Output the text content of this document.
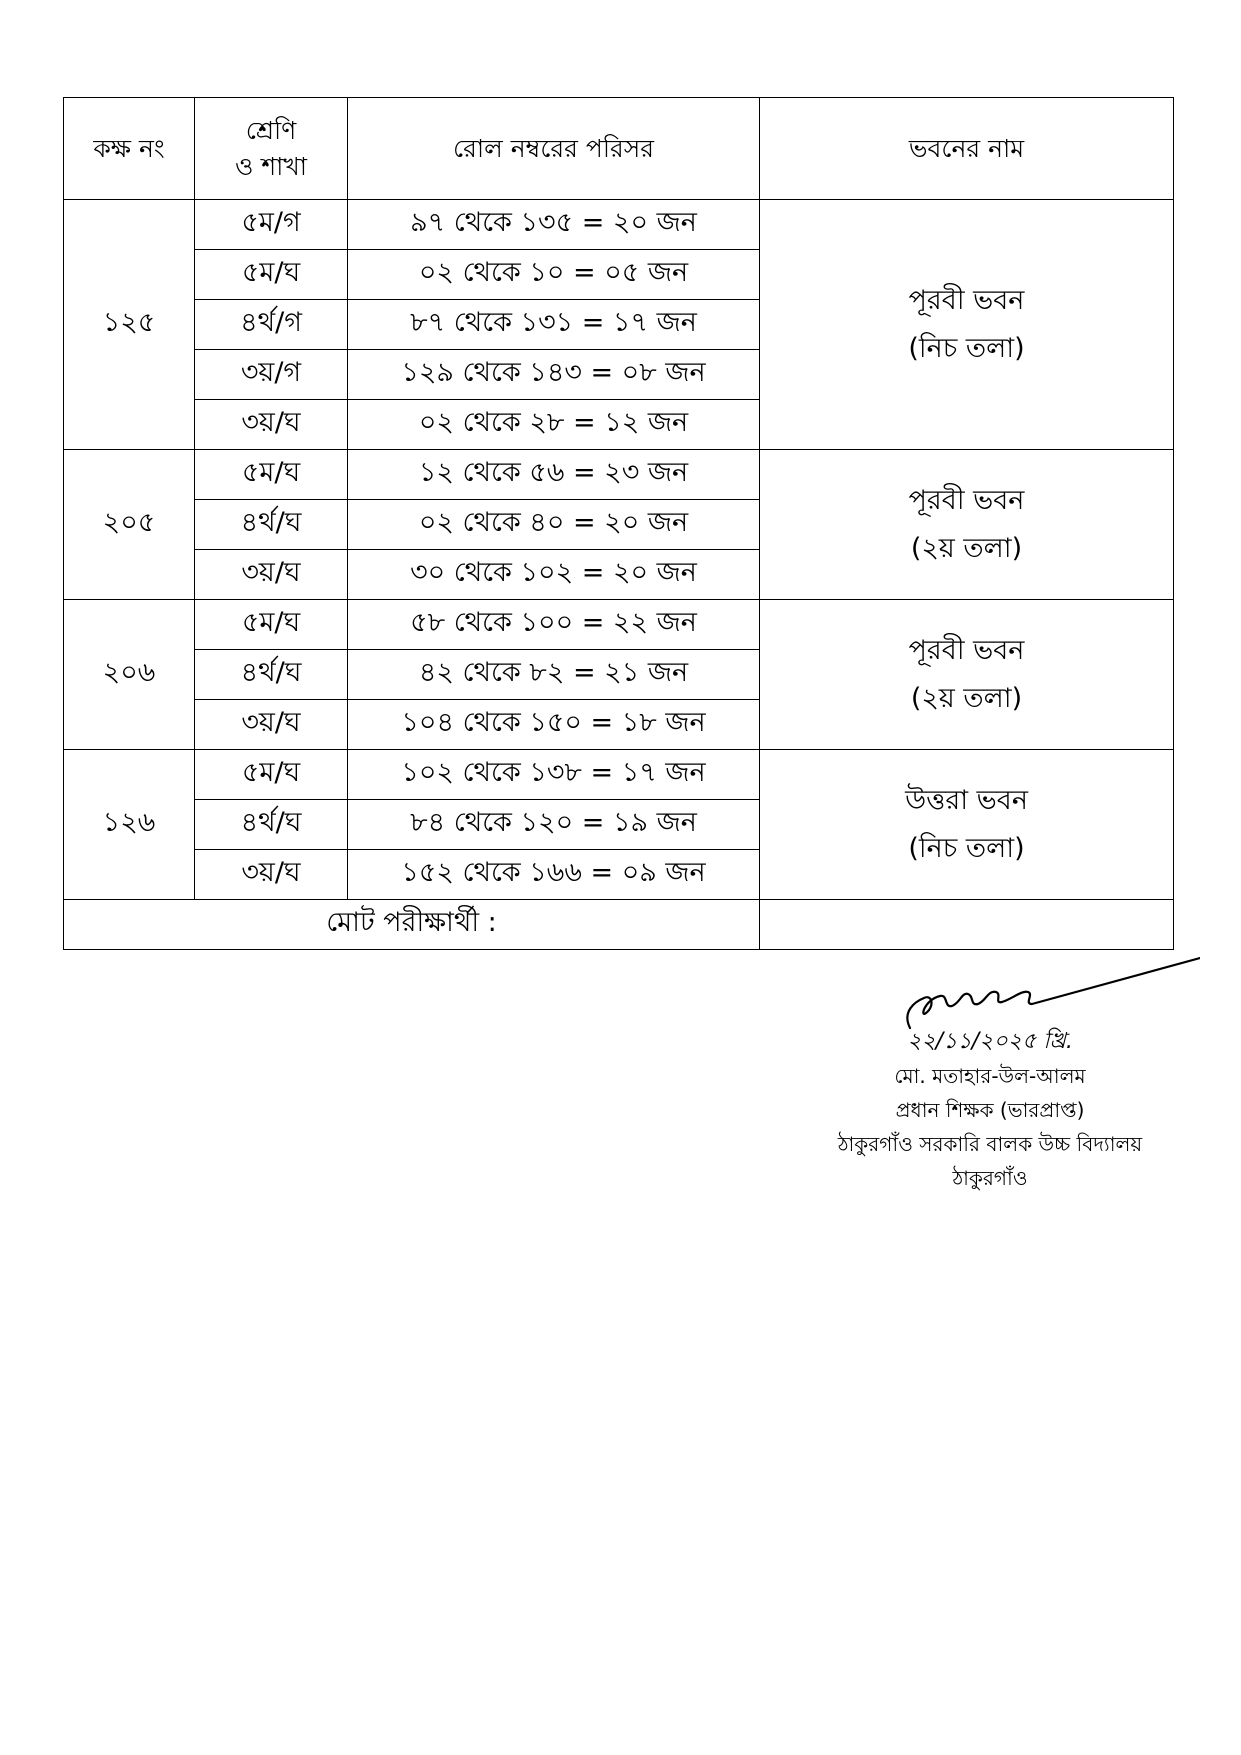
কক্ষ নং	শ্রেণি
ও শাখা	রোল নম্বরের পরিসর	ভবনের নাম
১২৫	৫ম/গ	৯৭ থেকে ১৩৫ = ২০ জন	পূরবী ভবন
(নিচ তলা)

	৫ম/ঘ	০২ থেকে ১০ = ০৫ জন	
	৪র্থ/গ	৮৭ থেকে ১৩১ = ১৭ জন	
	৩য়/গ	১২৯ থেকে ১৪৩ = ০৮ জন	
	৩য়/ঘ	০২ থেকে ২৮ = ১২ জন	
২০৫	৫ম/ঘ	১২ থেকে ৫৬ = ২৩ জন	পূরবী ভবন
(২য় তলা)

	৪র্থ/ঘ	০২ থেকে ৪০ = ২০ জন	
	৩য়/ঘ	৩০ থেকে ১০২ = ২০ জন	
২০৬	৫ম/ঘ	৫৮ থেকে ১০০ = ২২ জন	পূরবী ভবন
(২য় তলা)

	৪র্থ/ঘ	৪২ থেকে ৮২ = ২১ জন	
	৩য়/ঘ	১০৪ থেকে ১৫০ = ১৮ জন	
১২৬	৫ম/ঘ	১০২ থেকে ১৩৮ = ১৭ জন	উত্তরা ভবন
(নিচ তলা)

	৪র্থ/ঘ	৮৪ থেকে ১২০ = ১৯ জন	
	৩য়/ঘ	১৫২ থেকে ১৬৬ = ০৯ জন	
মোট পরীক্ষার্থী :			
২২/১১/২০২৫ খ্রি.
মো. মতাহার-উল-আলম
প্রধান শিক্ষক (ভারপ্রাপ্ত)
ঠাকুরগাঁও সরকারি বালক উচ্চ বিদ্যালয়
ঠাকুরগাঁও
